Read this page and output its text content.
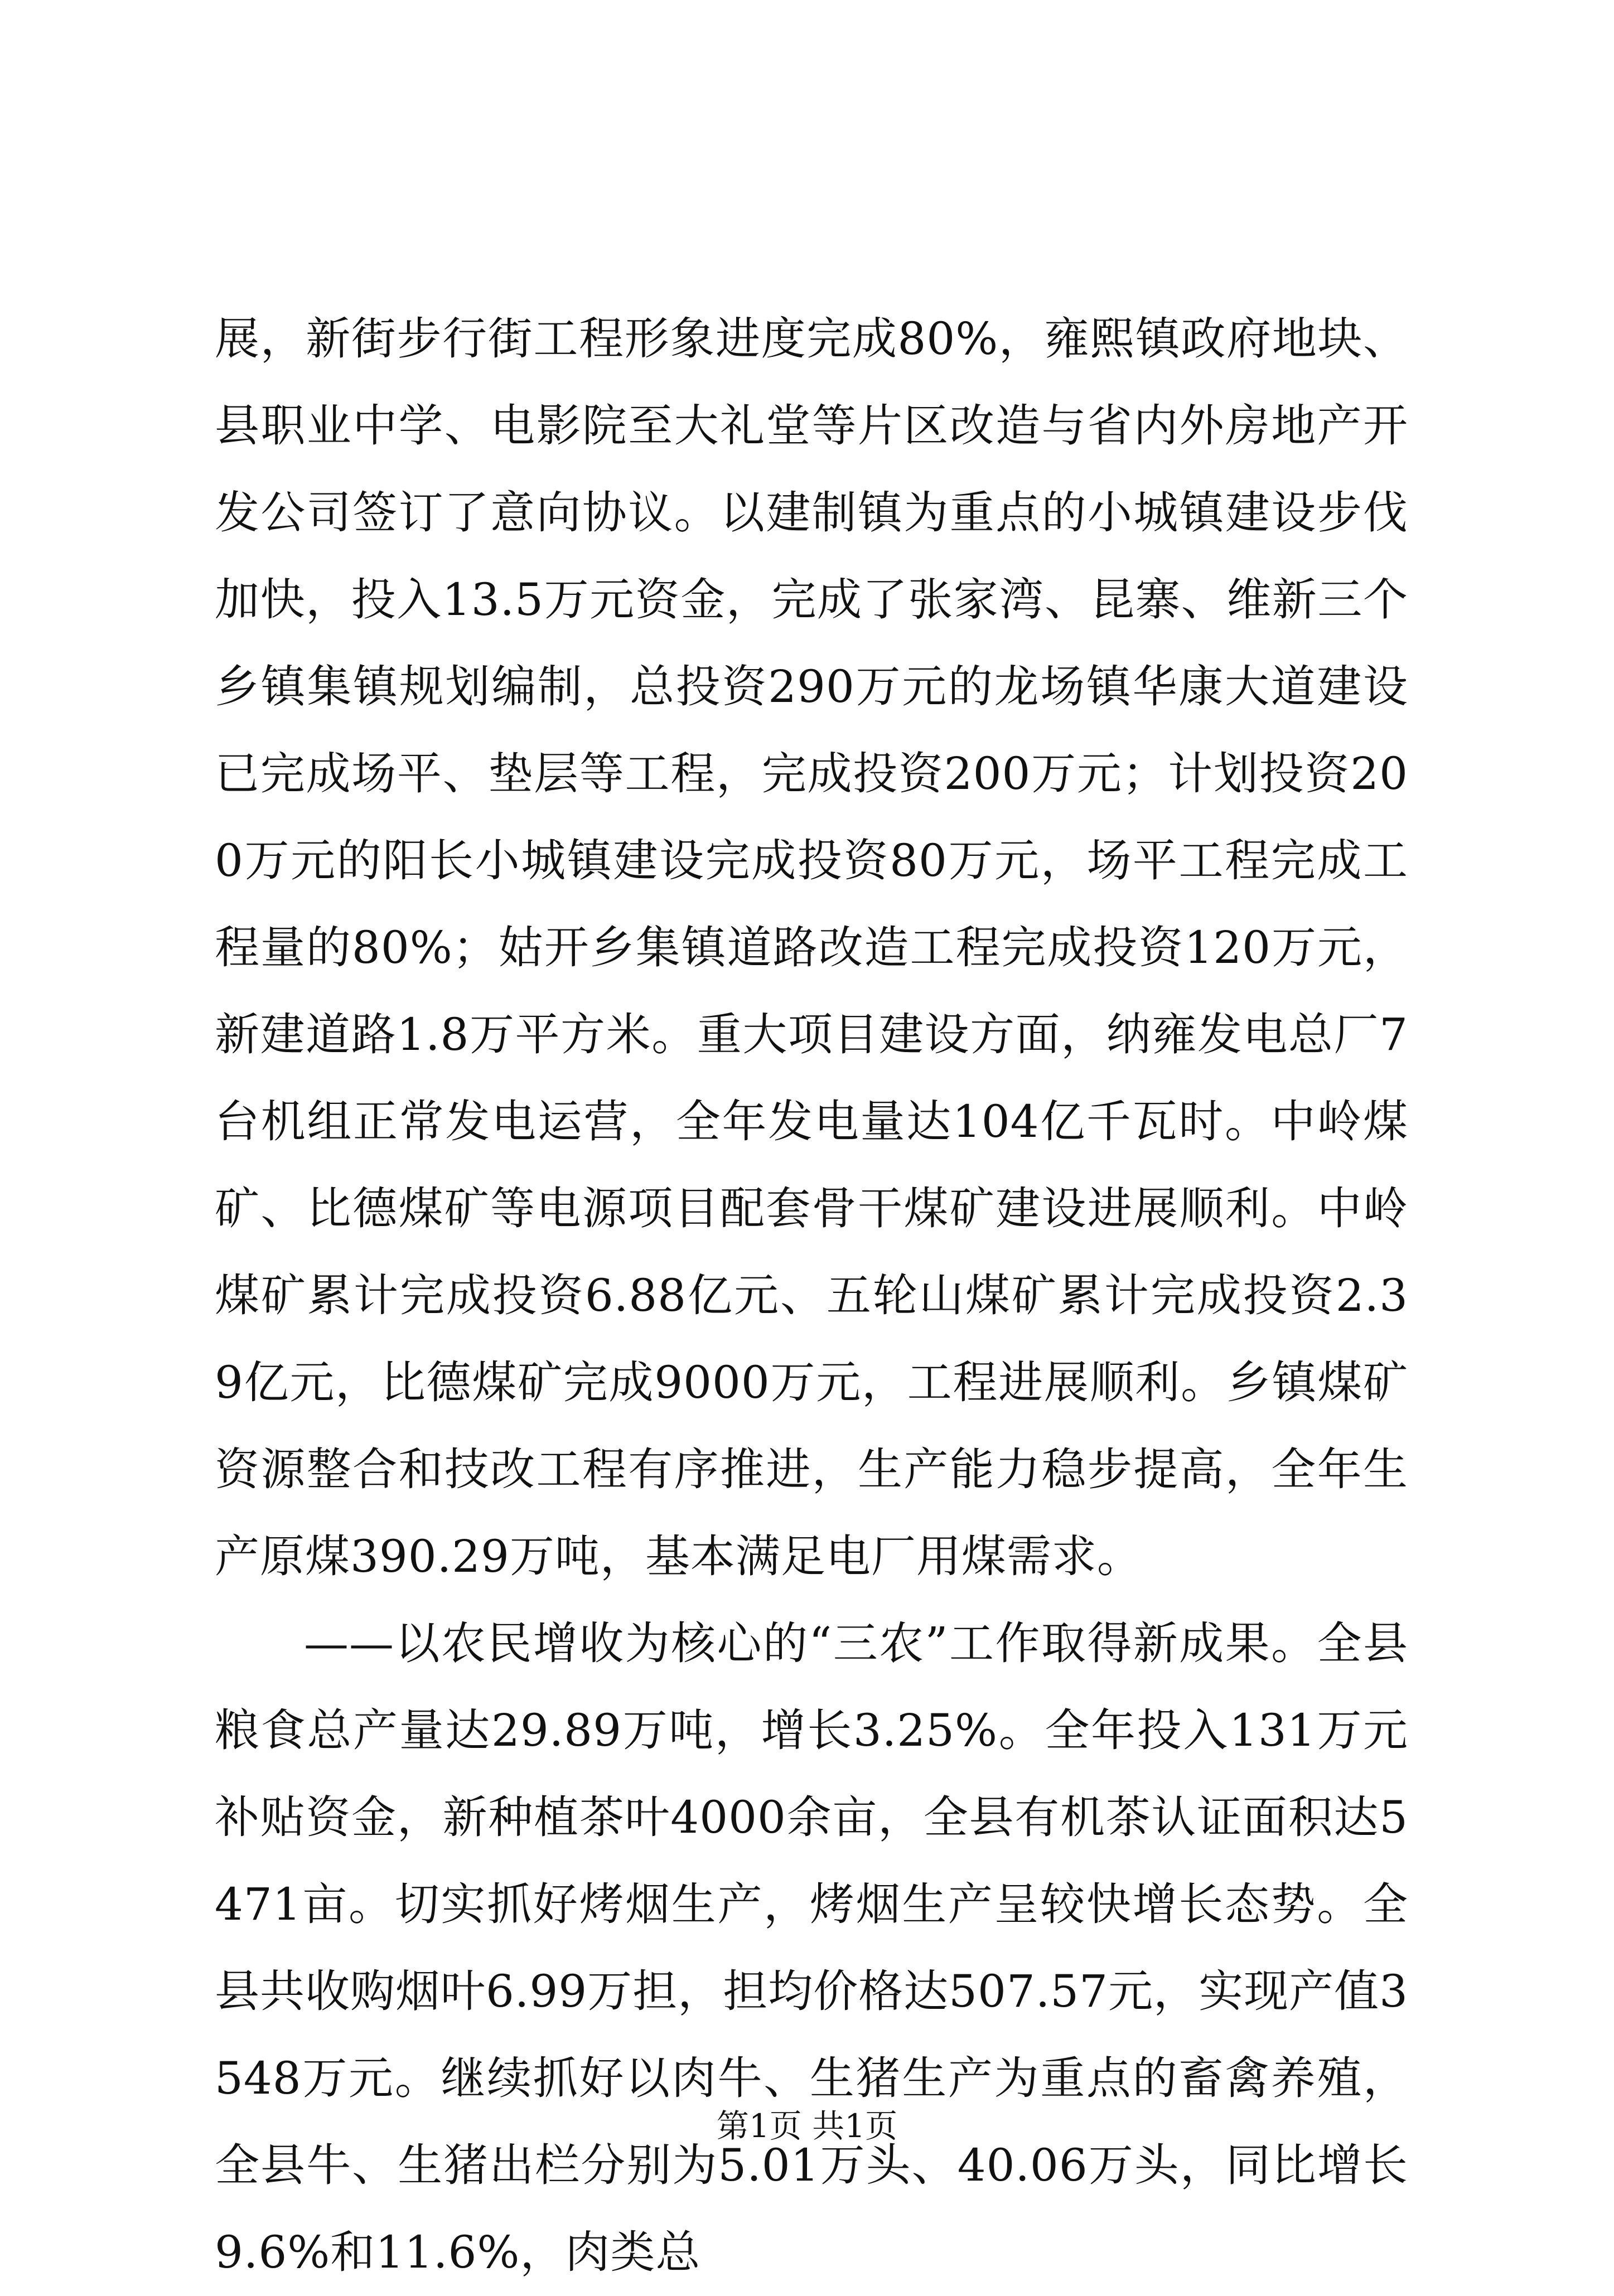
展，新街步行街工程形象进度完成80%，雍熙镇政府地块、县职业中学、电影院至大礼堂等片区改造与省内外房地产开发公司签订了意向协议。以建制镇为重点的小城镇建设步伐加快，投入13.5万元资金，完成了张家湾、昆寨、维新三个乡镇集镇规划编制，总投资290万元的龙场镇华康大道建设已完成场平、垫层等工程，完成投资200万元；计划投资200万元的阳长小城镇建设完成投资80万元，场平工程完成工程量的80%；姑开乡集镇道路改造工程完成投资120万元，新建道路1.8万平方米。重大项目建设方面，纳雍发电总厂7台机组正常发电运营，全年发电量达104亿千瓦时。中岭煤矿、比德煤矿等电源项目配套骨干煤矿建设进展顺利。中岭煤矿累计完成投资6.88亿元、五轮山煤矿累计完成投资2.39亿元，比德煤矿完成9000万元，工程进展顺利。乡镇煤矿资源整合和技改工程有序推进，生产能力稳步提高，全年生产原煤390.29万吨，基本满足电厂用煤需求。

——以农民增收为核心的“三农”工作取得新成果。全县粮食总产量达29.89万吨，增长3.25%。全年投入131万元补贴资金，新种植茶叶4000余亩，全县有机茶认证面积达5471亩。切实抓好烤烟生产，烤烟生产呈较快增长态势。全县共收购烟叶6.99万担，担均价格达507.57元，实现产值3548万元。继续抓好以肉牛、生猪生产为重点的畜禽养殖，全县牛、生猪出栏分别为5.01万头、40.06万头，同比增长9.6%和11.6%，肉类总

第1页 共1页
